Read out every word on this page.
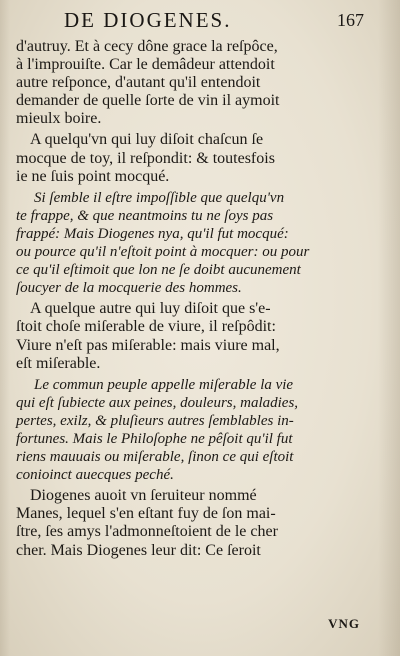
DE DIOGENES.	167
d'autruy. Et à cecy dône grace la reſpôce,
à l'improuiſte. Car le demâdeur attendoit
autre reſponce, d'autant qu'il entendoit
demander de quelle ſorte de vin il aymoit
mieulx boire.
A quelqu'vn qui luy diſoit chaſcun ſe
mocque de toy, il reſpondit: & toutesfois
ie ne ſuis point mocqué.
Si ſemble il eſtre impoſſible que quelqu'vn
te frappe, & que neantmoins tu ne ſoys pas
frappé: Mais Diogenes nya, qu'il fut mocqué:
ou pource qu'il n'eſtoit point à mocquer: ou pour
ce qu'il eſtimoit que lon ne ſe doibt aucunement
ſoucyer de la mocquerie des hommes.
A quelque autre qui luy diſoit que s'e-
ſtoit choſe miſerable de viure, il reſpôdit:
Viure n'eſt pas miſerable: mais viure mal,
eſt miſerable.
Le commun peuple appelle miſerable la vie
qui eſt ſubiecte aux peines, douleurs, maladies,
pertes, exilz, & pluſieurs autres ſemblables in-
fortunes. Mais le Philoſophe ne pêſoit qu'il fut
riens mauuais ou miſerable, ſinon ce qui eſtoit
conioinct auecques peché.
Diogenes auoit vn ſeruiteur nommé
Manes, lequel s'en eſtant fuy de ſon mai-
ſtre, ſes amys l'admonneſtoient de le cher
cher. Mais Diogenes leur dit: Ce ſeroit
VNG
